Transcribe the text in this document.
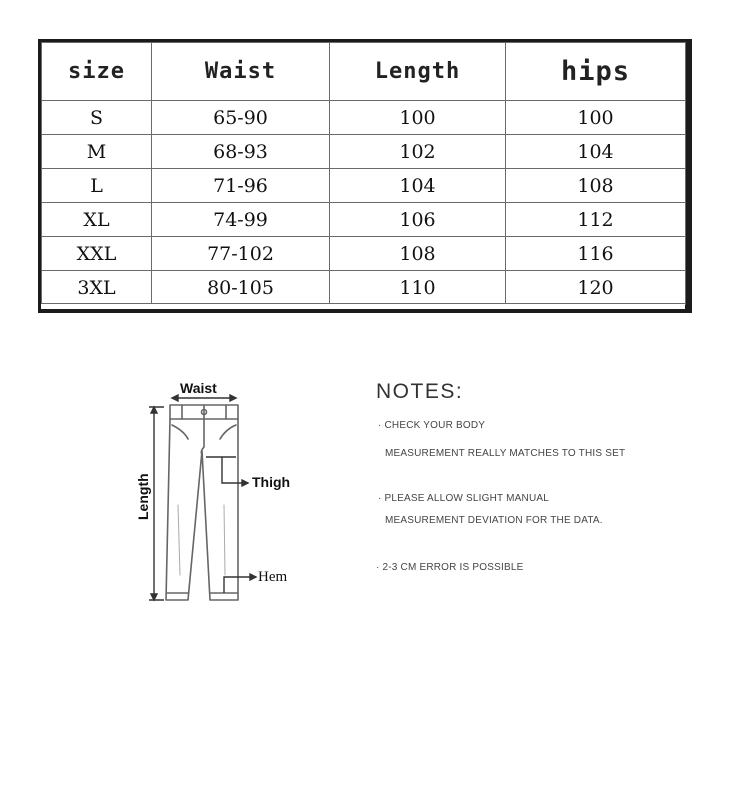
size	Waist	Length	hips
S	65-90	100	100
M	68-93	102	104
L	71-96	104	108
XL	74-99	106	112
XXL	77-102	108	116
3XL	80-105	110	120
Waist
Length	Thigh
Hem
NOTES:
· CHECK YOUR BODY
MEASUREMENT REALLY MATCHES TO THIS SET
· PLEASE ALLOW SLIGHT MANUAL
MEASUREMENT DEVIATION FOR THE DATA.
· 2-3 CM ERROR IS POSSIBLE
